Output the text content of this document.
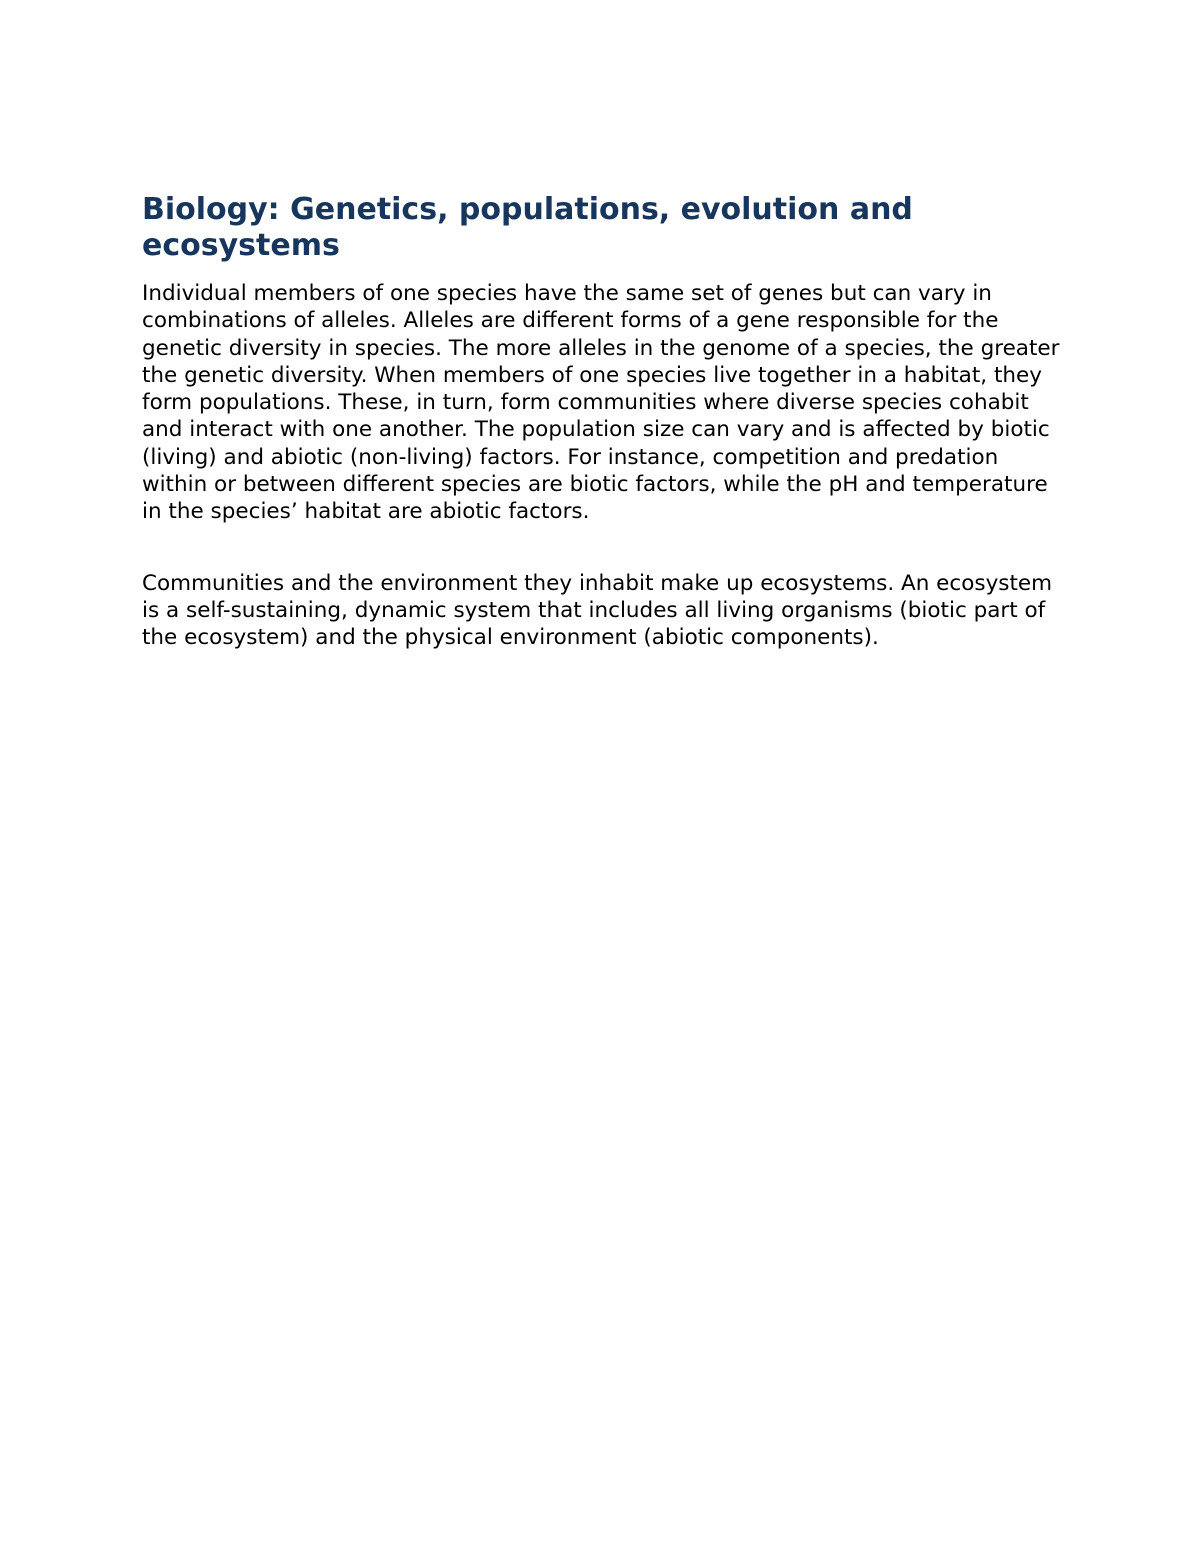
Biology: Genetics, populations, evolution and ecosystems

Individual members of one species have the same set of genes but can vary in combinations of alleles. Alleles are different forms of a gene responsible for the genetic diversity in species. The more alleles in the genome of a species, the greater the genetic diversity. When members of one species live together in a habitat, they form populations. These, in turn, form communities where diverse species cohabit and interact with one another. The population size can vary and is affected by biotic (living) and abiotic (non-living) factors. For instance, competition and predation within or between different species are biotic factors, while the pH and temperature in the species’ habitat are abiotic factors.

Communities and the environment they inhabit make up ecosystems. An ecosystem is a self-sustaining, dynamic system that includes all living organisms (biotic part of the ecosystem) and the physical environment (abiotic components).
